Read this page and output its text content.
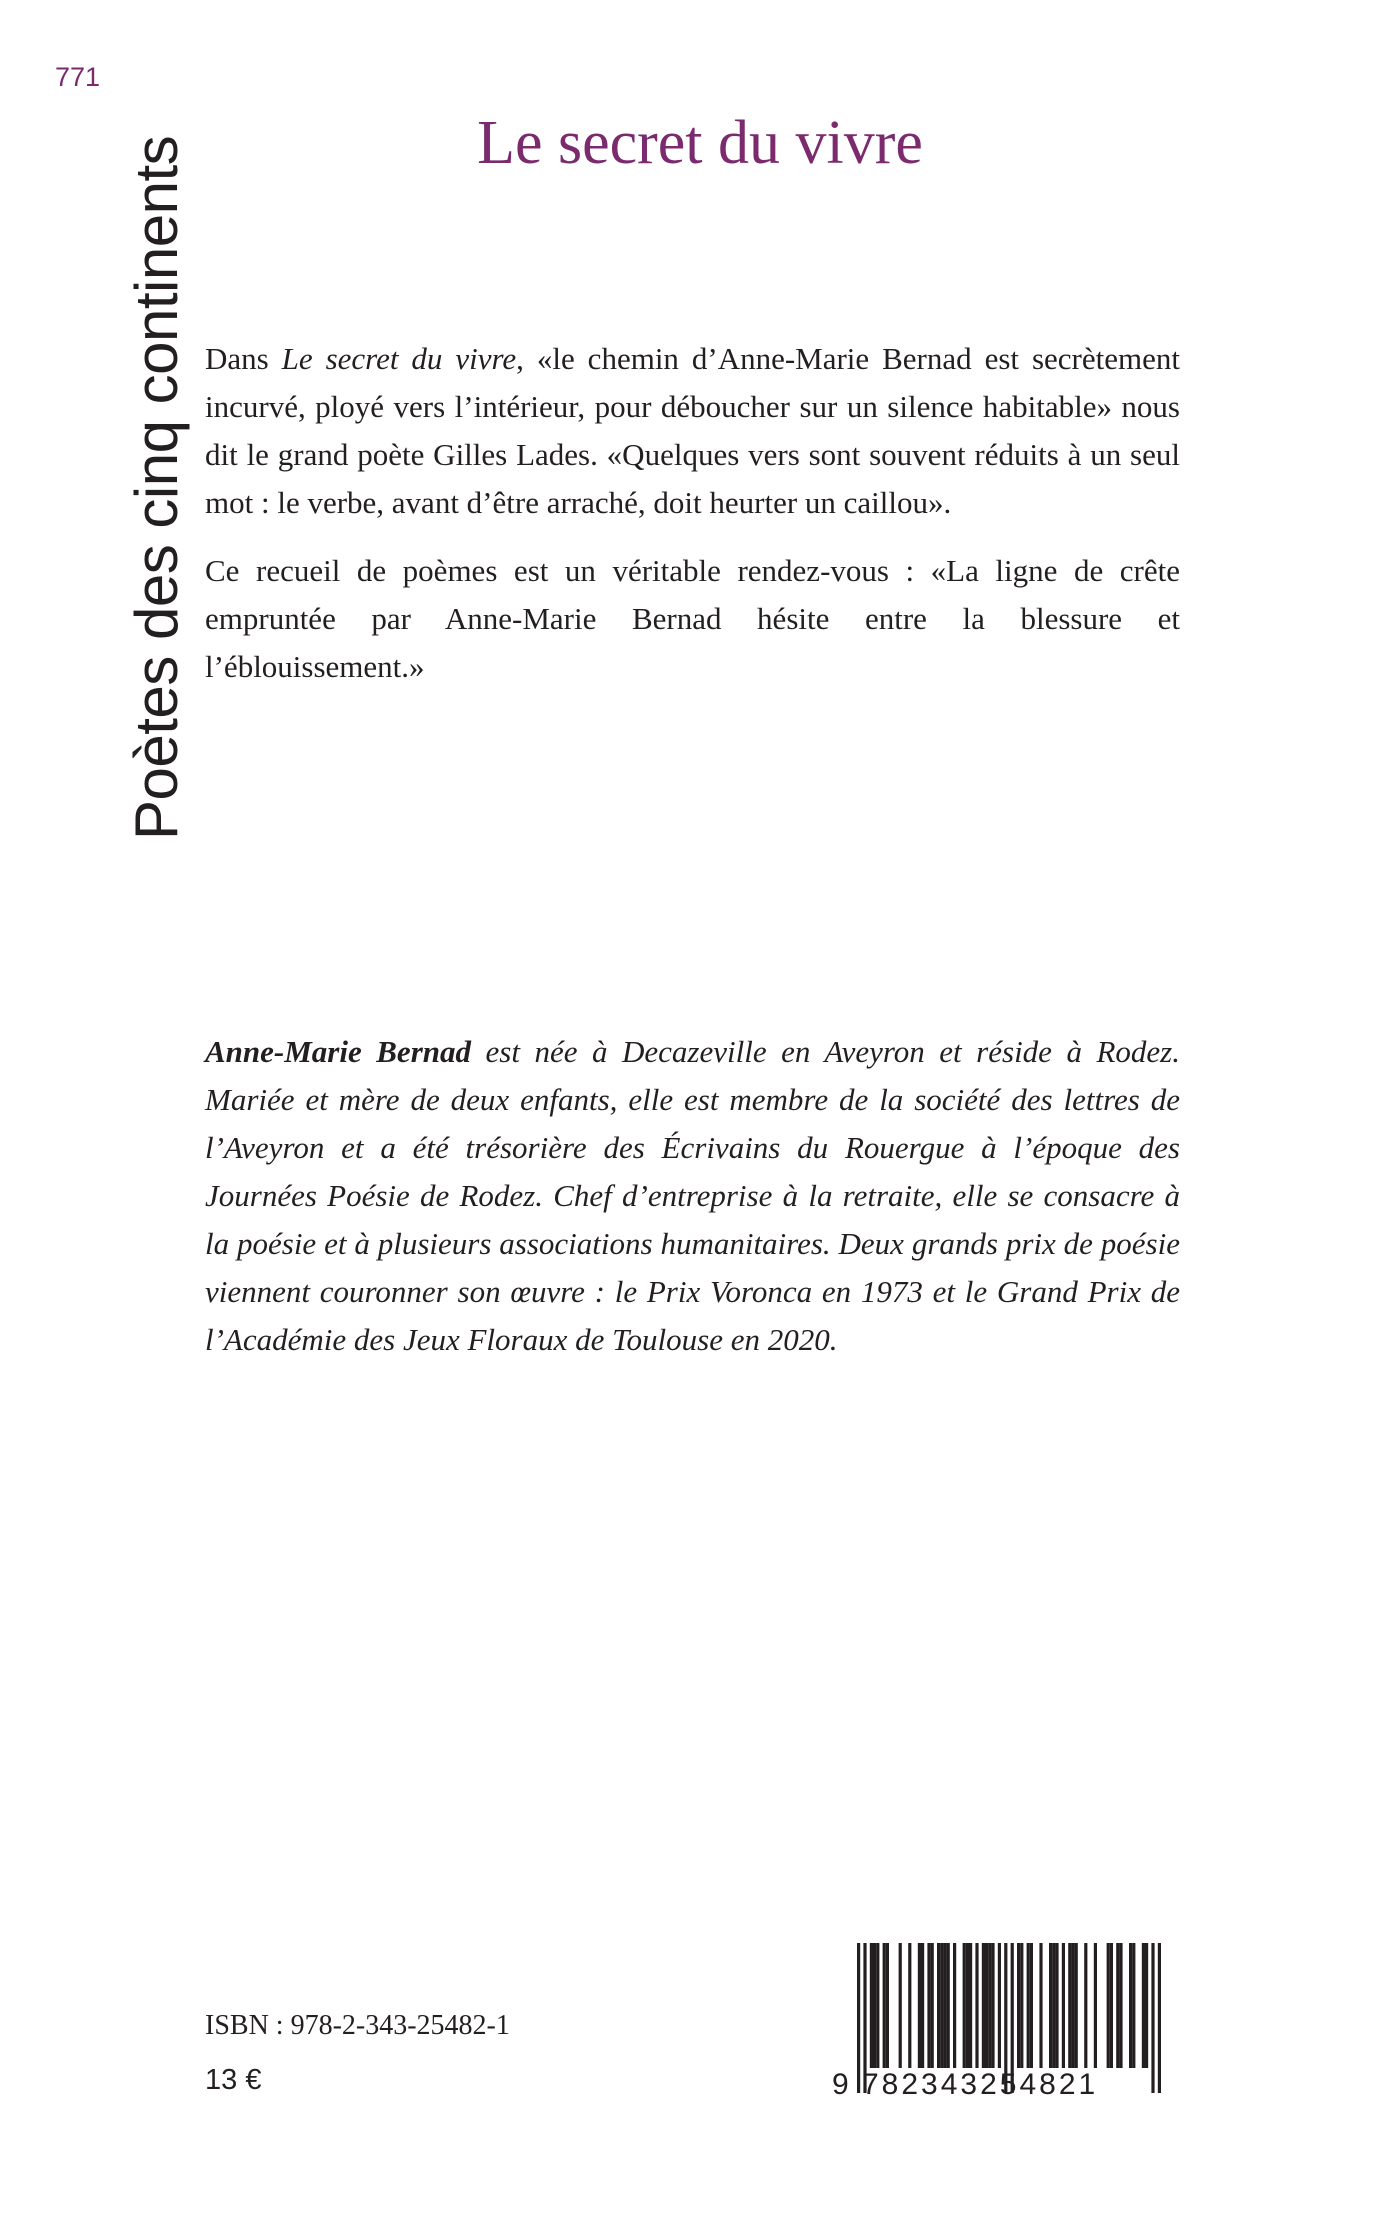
771
Poètes des cinq continents	Le secret du vivre

Dans Le secret du vivre, «le chemin d’Anne-Marie Bernad est secrètement incurvé, ployé vers l’intérieur, pour déboucher sur un silence habitable» nous dit le grand poète Gilles Lades. «Quelques vers sont souvent réduits à un seul mot : le verbe, avant d’être arraché, doit heurter un caillou».

Ce recueil de poèmes est un véritable rendez-vous : «La ligne de crête empruntée par Anne-Marie Bernad hésite entre la blessure et l’éblouissement.»

Anne-Marie Bernad est née à Decazeville en Aveyron et réside à Rodez. Mariée et mère de deux enfants, elle est membre de la société des lettres de l’Aveyron et a été trésorière des Écrivains du Rouergue à l’époque des Journées Poésie de Rodez. Chef d’entreprise à la retraite, elle se consacre à la poésie et à plusieurs associations humanitaires. Deux grands prix de poésie viennent couronner son œuvre : le Prix Voronca en 1973 et le Grand Prix de l’Académie des Jeux Floraux de Toulouse en 2020.

ISBN : 978-2-343-25482-1
13 €	9 782343254821
